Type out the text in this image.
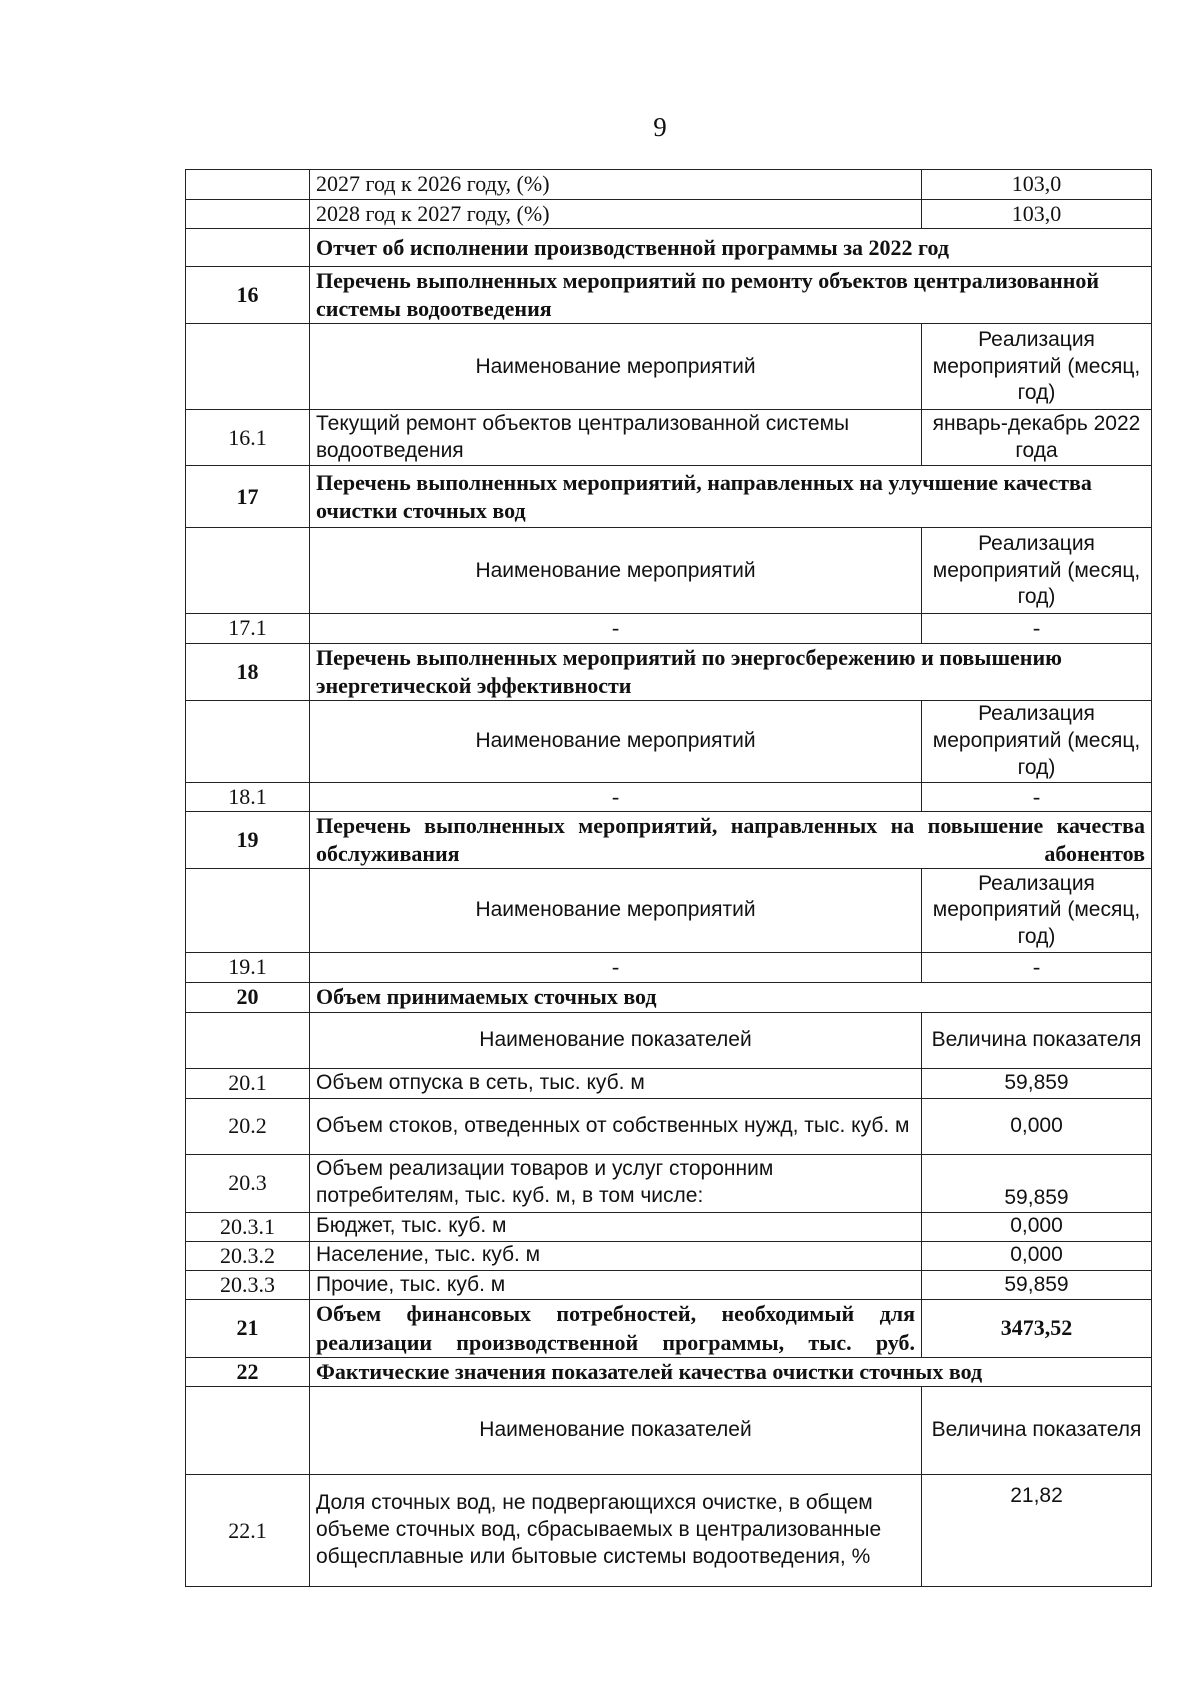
9
	2027 год к 2026 году, (%)	103,0
	2028 год к 2027 году, (%)	103,0
	Отчет об исполнении производственной программы за 2022 год	
16	Перечень выполненных мероприятий по ремонту объектов централизованной системы водоотведения	
	Наименование мероприятий	Реализация мероприятий (месяц, год)
16.1	Текущий ремонт объектов централизованной системы водоотведения	январь-декабрь 2022 года
17	Перечень выполненных мероприятий, направленных на улучшение качества очистки сточных вод	
	Наименование мероприятий	Реализация мероприятий (месяц, год)
17.1	-	-
18	Перечень выполненных мероприятий по энергосбережению и повышению энергетической эффективности	
	Наименование мероприятий	Реализация мероприятий (месяц, год)
18.1	-	-
19	Перечень выполненных мероприятий, направленных на повышение качества обслуживания абонентов	
	Наименование мероприятий	Реализация мероприятий (месяц, год)
19.1	-	-
20	Объем принимаемых сточных вод	
	Наименование показателей	Величина показателя
20.1	Объем отпуска в сеть, тыс. куб. м	59,859
20.2	Объем стоков, отведенных от собственных нужд, тыс. куб. м	0,000
20.3	Объем реализации товаров и услуг сторонним потребителям, тыс. куб. м, в том числе:	59,859
20.3.1	Бюджет, тыс. куб. м	0,000
20.3.2	Население, тыс. куб. м	0,000
20.3.3	Прочие, тыс. куб. м	59,859
21	Объем финансовых потребностей, необходимый для реализации производственной программы, тыс. руб.	3473,52
22	Фактические значения показателей качества очистки сточных вод	
	Наименование показателей	Величина показателя
22.1	Доля сточных вод, не подвергающихся очистке, в общем объеме сточных вод, сбрасываемых в централизованные общесплавные или бытовые системы водоотведения, %	21,82
